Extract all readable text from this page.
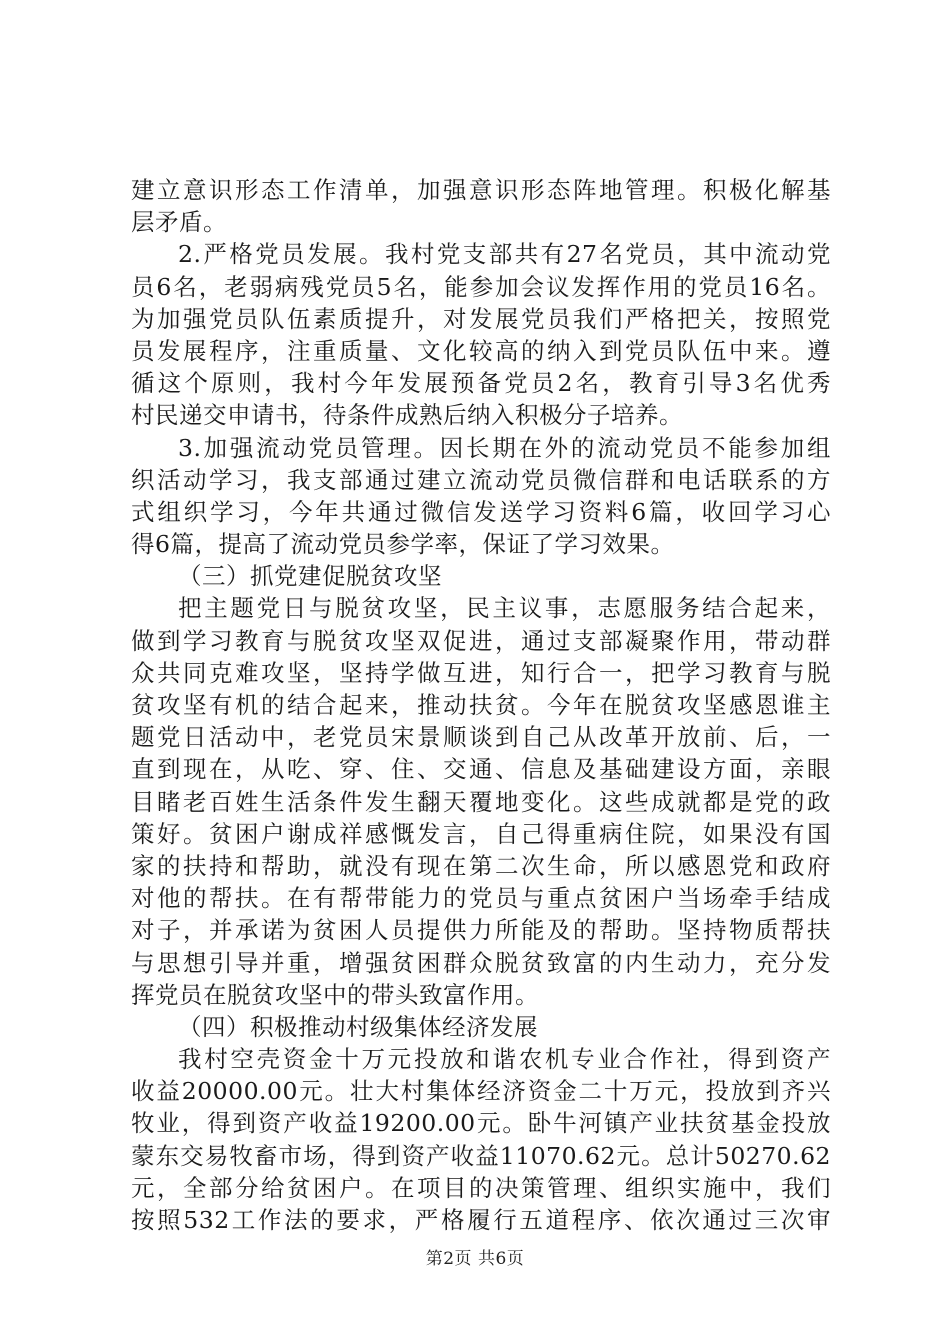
建立意识形态工作清单，加强意识形态阵地管理。积极化解基
层矛盾。
2.严格党员发展。我村党支部共有27名党员，其中流动党
员6名，老弱病残党员5名，能参加会议发挥作用的党员16名。
为加强党员队伍素质提升，对发展党员我们严格把关，按照党
员发展程序，注重质量、文化较高的纳入到党员队伍中来。遵
循这个原则，我村今年发展预备党员2名，教育引导3名优秀
村民递交申请书，待条件成熟后纳入积极分子培养。
3.加强流动党员管理。因长期在外的流动党员不能参加组
织活动学习，我支部通过建立流动党员微信群和电话联系的方
式组织学习，今年共通过微信发送学习资料6篇，收回学习心
得6篇，提高了流动党员参学率，保证了学习效果。
（三）抓党建促脱贫攻坚
把主题党日与脱贫攻坚，民主议事，志愿服务结合起来，
做到学习教育与脱贫攻坚双促进，通过支部凝聚作用，带动群
众共同克难攻坚，坚持学做互进，知行合一，把学习教育与脱
贫攻坚有机的结合起来，推动扶贫。今年在脱贫攻坚感恩谁主
题党日活动中，老党员宋景顺谈到自己从改革开放前、后，一
直到现在，从吃、穿、住、交通、信息及基础建设方面，亲眼
目睹老百姓生活条件发生翻天覆地变化。这些成就都是党的政
策好。贫困户谢成祥感慨发言，自己得重病住院，如果没有国
家的扶持和帮助，就没有现在第二次生命，所以感恩党和政府
对他的帮扶。在有帮带能力的党员与重点贫困户当场牵手结成
对子，并承诺为贫困人员提供力所能及的帮助。坚持物质帮扶
与思想引导并重，增强贫困群众脱贫致富的内生动力，充分发
挥党员在脱贫攻坚中的带头致富作用。
（四）积极推动村级集体经济发展
我村空壳资金十万元投放和谐农机专业合作社，得到资产
收益20000.00元。壮大村集体经济资金二十万元，投放到齐兴
牧业，得到资产收益19200.00元。卧牛河镇产业扶贫基金投放
蒙东交易牧畜市场，得到资产收益11070.62元。总计50270.62
元，全部分给贫困户。在项目的决策管理、组织实施中，我们
按照532工作法的要求，严格履行五道程序、依次通过三次审
第2页 共6页
